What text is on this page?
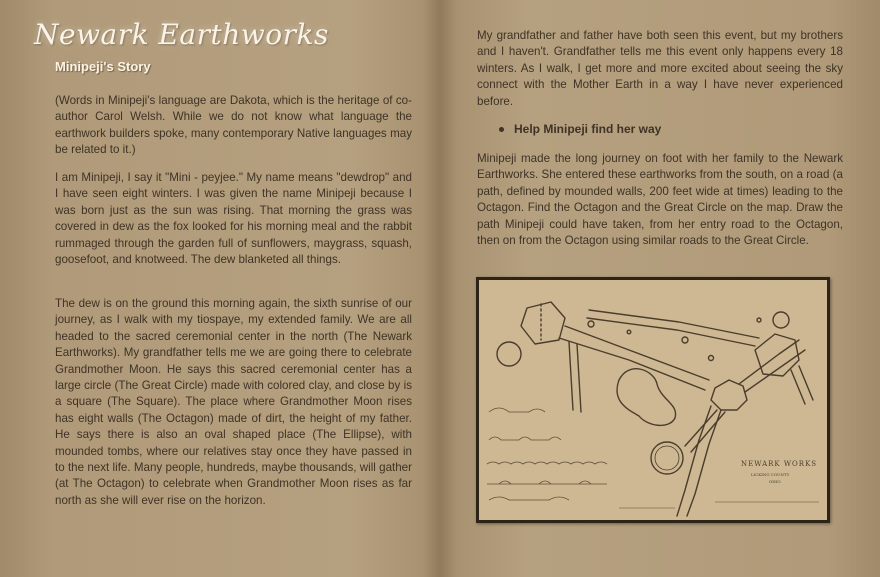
Newark Earthworks
Minipeji's Story

(Words in Minipeji's language are Dakota, which is the heritage of co-author Carol Welsh. While we do not know what language the earthwork builders spoke, many contemporary Native languages may be related to it.)

I am Minipeji, I say it "Mini - peyjee." My name means "dewdrop" and I have seen eight winters. I was given the name Minipeji because I was born just as the sun was rising. That morning the grass was covered in dew as the fox looked for his morning meal and the rabbit rummaged through the garden full of sunflowers, maygrass, squash, goosefoot, and knotweed. The dew blanketed all things.

The dew is on the ground this morning again, the sixth sunrise of our journey, as I walk with my tiospaye, my extended family. We are all headed to the sacred ceremonial center in the north (The Newark Earthworks). My grandfather tells me we are going there to celebrate Grandmother Moon. He says this sacred ceremonial center has a large circle (The Great Circle) made with colored clay, and close by is a square (The Square). The place where Grandmother Moon rises has eight walls (The Octagon) made of dirt, the height of my father. He says there is also an oval shaped place (The Ellipse), with mounded tombs, where our relatives stay once they have passed in to the next life. Many people, hundreds, maybe thousands, will gather (at The Octagon) to celebrate when Grandmother Moon rises as far north as she will ever rise on the horizon.

My grandfather and father have both seen this event, but my brothers and I haven't. Grandfather tells me this event only happens every 18 winters. As I walk, I get more and more excited about seeing the sky connect with the Mother Earth in a way I have never experienced before.

Help Minipeji find her way

Minipeji made the long journey on foot with her family to the Newark Earthworks. She entered these earthworks from the south, on a road (a path, defined by mounded walls, 200 feet wide at times) leading to the Octagon. Find the Octagon and the Great Circle on the map. Draw the path Minipeji could have taken, from her entry road to the Octagon, then on from the Octagon using similar roads to the Great Circle.

NEWARK WORKS
LICKING COUNTY
OHIO
